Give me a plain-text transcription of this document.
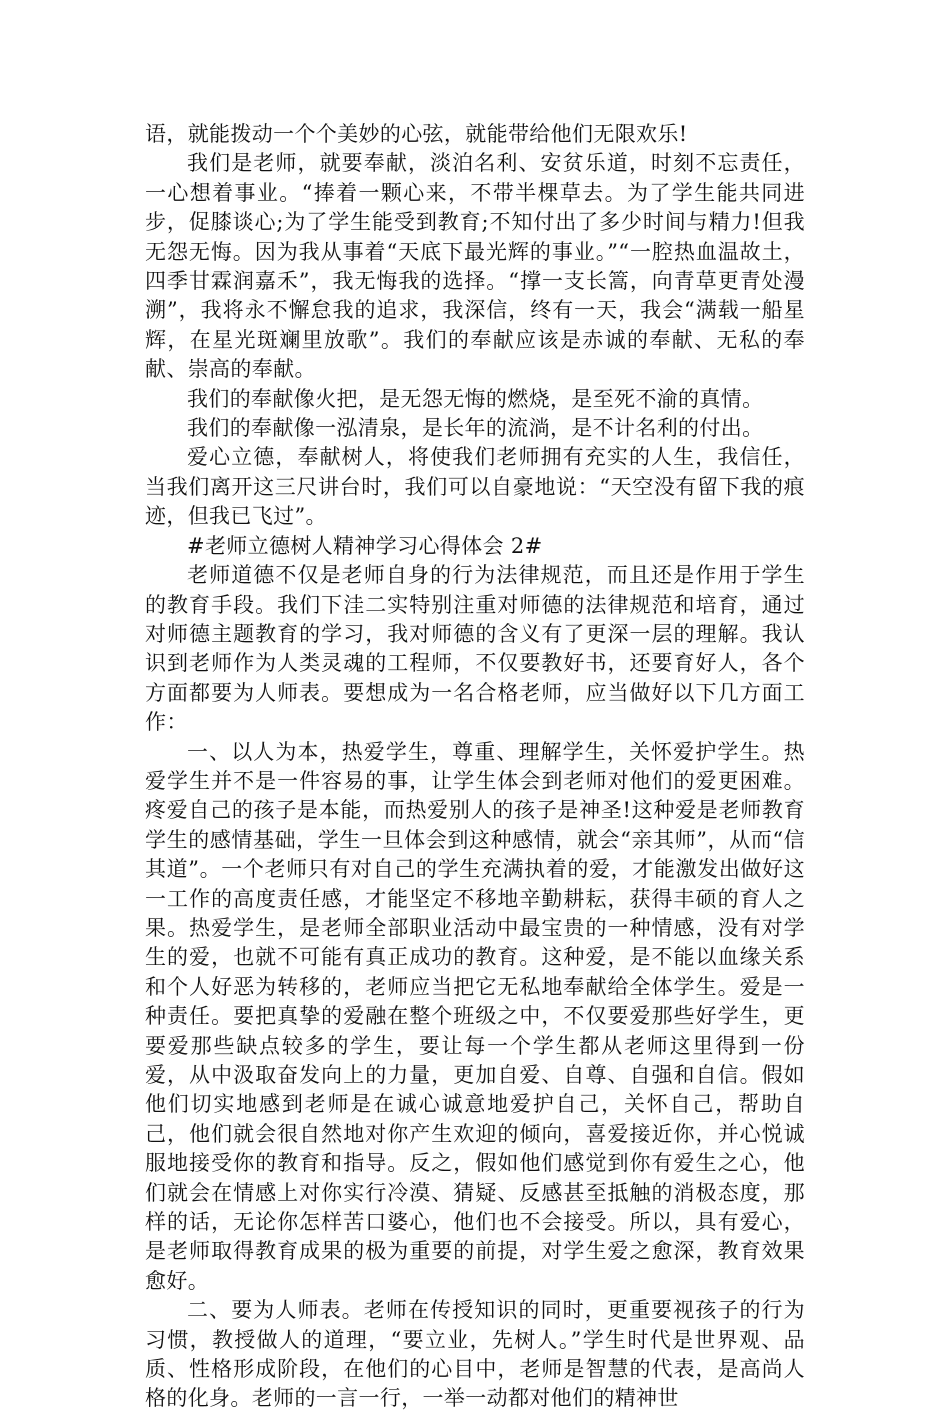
语，就能拨动一个个美妙的心弦，就能带给他们无限欢乐!

我们是老师，就要奉献，淡泊名利、安贫乐道，时刻不忘责任，一心想着事业。“捧着一颗心来，不带半棵草去。为了学生能共同进步，促膝谈心;为了学生能受到教育;不知付出了多少时间与精力!但我无怨无悔。因为我从事着“天底下最光辉的事业。”“一腔热血温故土，四季甘霖润嘉禾”，我无悔我的选择。“撑一支长篙，向青草更青处漫溯”，我将永不懈怠我的追求，我深信，终有一天，我会“满载一船星辉，在星光斑斓里放歌”。我们的奉献应该是赤诚的奉献、无私的奉献、崇高的奉献。

我们的奉献像火把，是无怨无悔的燃烧，是至死不渝的真情。

我们的奉献像一泓清泉，是长年的流淌，是不计名利的付出。

爱心立德，奉献树人，将使我们老师拥有充实的人生，我信任，当我们离开这三尺讲台时，我们可以自豪地说：“天空没有留下我的痕迹，但我已飞过”。

#老师立德树人精神学习心得体会 2#

老师道德不仅是老师自身的行为法律规范，而且还是作用于学生的教育手段。我们下洼二实特别注重对师德的法律规范和培育，通过对师德主题教育的学习，我对师德的含义有了更深一层的理解。我认识到老师作为人类灵魂的工程师，不仅要教好书，还要育好人，各个方面都要为人师表。要想成为一名合格老师，应当做好以下几方面工作：

一、以人为本，热爱学生，尊重、理解学生，关怀爱护学生。热爱学生并不是一件容易的事，让学生体会到老师对他们的爱更困难。疼爱自己的孩子是本能，而热爱别人的孩子是神圣!这种爱是老师教育学生的感情基础，学生一旦体会到这种感情，就会“亲其师”，从而“信其道”。一个老师只有对自己的学生充满执着的爱，才能激发出做好这一工作的高度责任感，才能坚定不移地辛勤耕耘，获得丰硕的育人之果。热爱学生，是老师全部职业活动中最宝贵的一种情感，没有对学生的爱，也就不可能有真正成功的教育。这种爱，是不能以血缘关系和个人好恶为转移的，老师应当把它无私地奉献给全体学生。爱是一种责任。要把真挚的爱融在整个班级之中，不仅要爱那些好学生，更要爱那些缺点较多的学生，要让每一个学生都从老师这里得到一份爱，从中汲取奋发向上的力量，更加自爱、自尊、自强和自信。假如他们切实地感到老师是在诚心诚意地爱护自己，关怀自己，帮助自己，他们就会很自然地对你产生欢迎的倾向，喜爱接近你，并心悦诚服地接受你的教育和指导。反之，假如他们感觉到你有爱生之心，他们就会在情感上对你实行冷漠、猜疑、反感甚至抵触的消极态度，那样的话，无论你怎样苦口婆心，他们也不会接受。所以，具有爱心，是老师取得教育成果的极为重要的前提，对学生爱之愈深，教育效果愈好。

二、要为人师表。老师在传授知识的同时，更重要视孩子的行为习惯，教授做人的道理，“要立业，先树人。”学生时代是世界观、品质、性格形成阶段，在他们的心目中，老师是智慧的代表，是高尚人格的化身。老师的一言一行，一举一动都对他们的精神世
